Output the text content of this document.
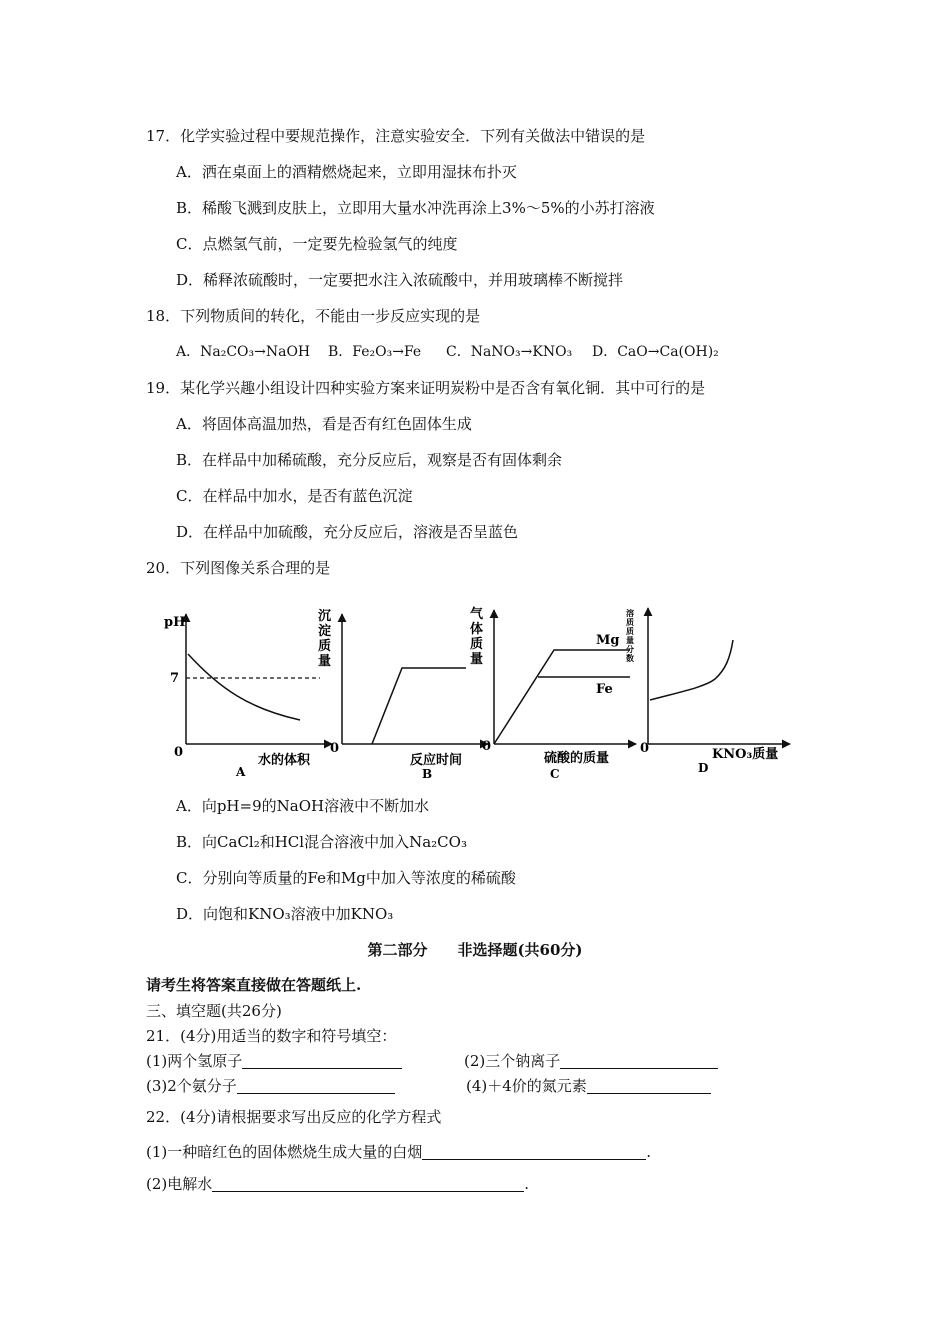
17．化学实验过程中要规范操作，注意实验安全．下列有关做法中错误的是
A．洒在桌面上的酒精燃烧起来，立即用湿抹布扑灭
B．稀酸飞溅到皮肤上，立即用大量水冲洗再涂上3%～5%的小苏打溶液
C．点燃氢气前，一定要先检验氢气的纯度
D．稀释浓硫酸时，一定要把水注入浓硫酸中，并用玻璃棒不断搅拌
18．下列物质间的转化，不能由一步反应实现的是
A．Na₂CO₃→NaOH B．Fe₂O₃→Fe C．NaNO₃→KNO₃ D．CaO→Ca(OH)₂
19．某化学兴趣小组设计四种实验方案来证明炭粉中是否含有氧化铜．其中可行的是
A．将固体高温加热，看是否有红色固体生成
B．在样品中加稀硫酸，充分反应后，观察是否有固体剩余
C．在样品中加水，是否有蓝色沉淀
D．在样品中加硫酸，充分反应后，溶液是否呈蓝色
20．下列图像关系合理的是
pH
7
0
水的体积
A
沉 淀 质 量
0
反应时间
B
气 体 质 量
Mg
Fe
0
硫酸的质量
C
溶 质 质 量 分 数
0	KNO₃质量
D
A．向pH=9的NaOH溶液中不断加水
B．向CaCl₂和HCl混合溶液中加入Na₂CO₃
C．分别向等质量的Fe和Mg中加入等浓度的稀硫酸
D．向饱和KNO₃溶液中加KNO₃
第二部分　　非选择题(共60分)
请考生将答案直接做在答题纸上.
三、填空题(共26分)
21．(4分)用适当的数字和符号填空：
(1)两个氢原子	(2)三个钠离子
(3)2个氨分子	(4)＋4价的氮元素
22．(4分)请根据要求写出反应的化学方程式
(1)一种暗红色的固体燃烧生成大量的白烟	.
(2)电解水	.
